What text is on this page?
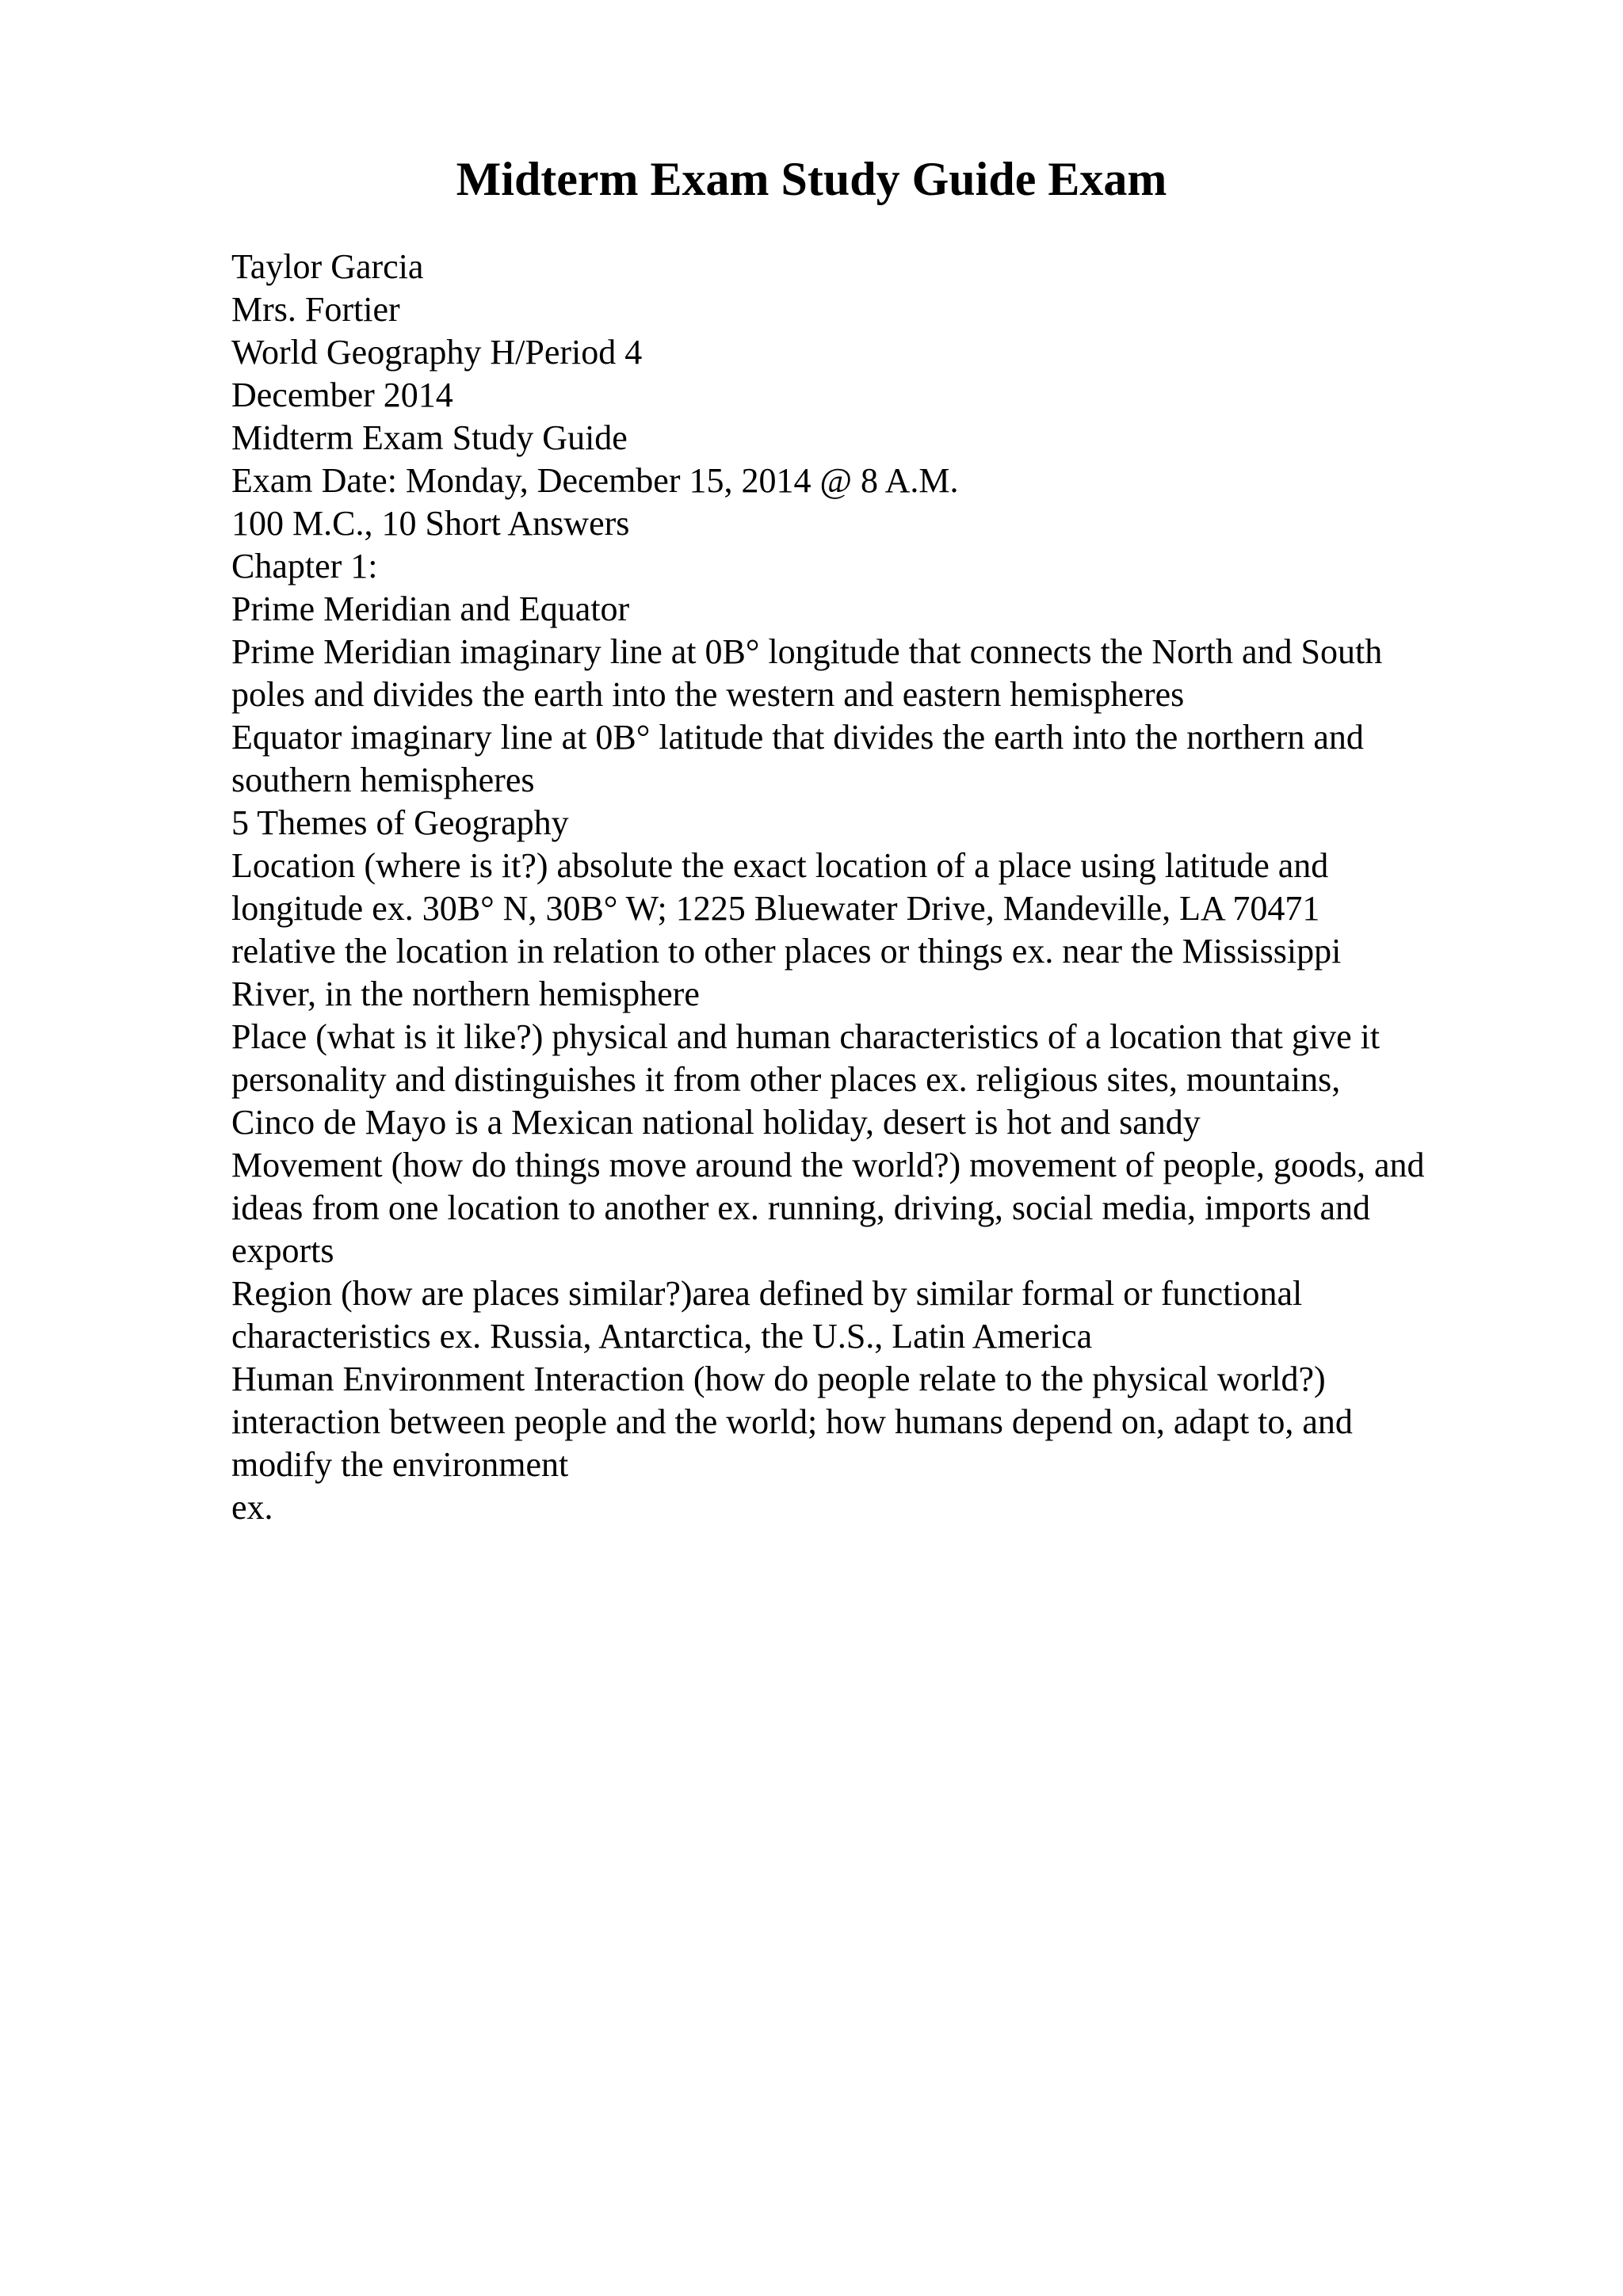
Midterm Exam Study Guide Exam

Taylor Garcia

Mrs. Fortier

World Geography H/Period 4

December 2014

Midterm Exam Study Guide

Exam Date: Monday, December 15, 2014 @ 8 A.M.

100 M.C., 10 Short Answers

Chapter 1:

Prime Meridian and Equator

Prime Meridian imaginary line at 0B° longitude that connects the North and South

poles and divides the earth into the western and eastern hemispheres

Equator imaginary line at 0B° latitude that divides the earth into the northern and

southern hemispheres

5 Themes of Geography

Location (where is it?) absolute the exact location of a place using latitude and

longitude ex. 30B° N, 30B° W; 1225 Bluewater Drive, Mandeville, LA 70471

relative the location in relation to other places or things ex. near the Mississippi

River, in the northern hemisphere

Place (what is it like?) physical and human characteristics of a location that give it

personality and distinguishes it from other places ex. religious sites, mountains,

Cinco de Mayo is a Mexican national holiday, desert is hot and sandy

Movement (how do things move around the world?) movement of people, goods, and

ideas from one location to another ex. running, driving, social media, imports and

exports

Region (how are places similar?)area defined by similar formal or functional

characteristics ex. Russia, Antarctica, the U.S., Latin America

Human Environment Interaction (how do people relate to the physical world?)

interaction between people and the world; how humans depend on, adapt to, and

modify the environment

ex.
